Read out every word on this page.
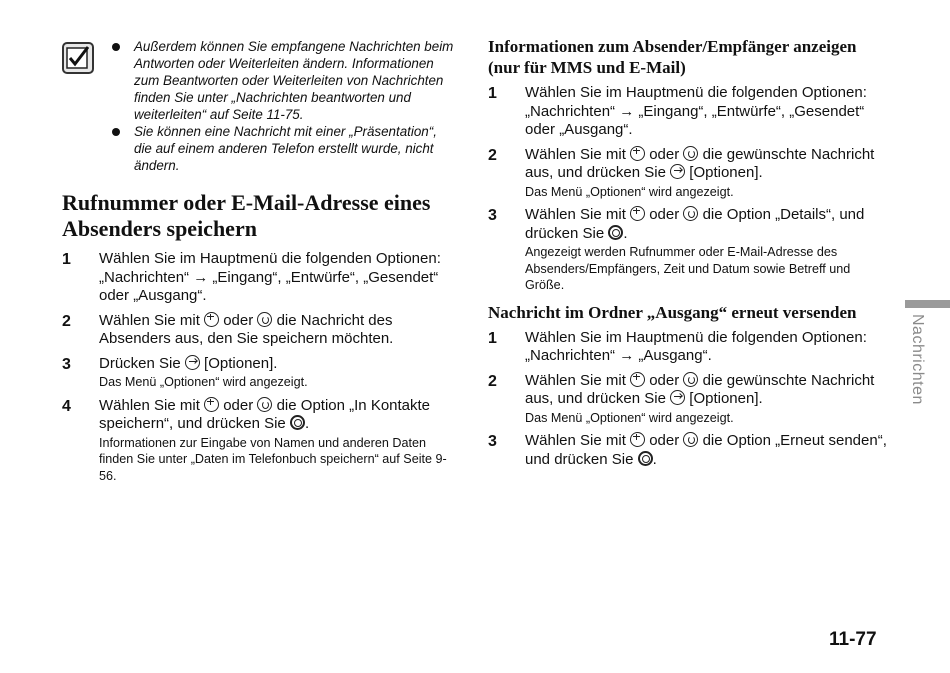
Außerdem können Sie empfangene Nachrichten beim Antworten oder Weiterleiten ändern. Informationen zum Beantworten oder Weiterleiten von Nachrichten finden Sie unter „Nachrichten beantworten und weiterleiten“ auf Seite 11-75.
Sie können eine Nachricht mit einer „Präsentation“, die auf einem anderen Telefon erstellt wurde, nicht ändern.
Rufnummer oder E-Mail-Adresse eines Absenders speichern
1 Wählen Sie im Hauptmenü die folgenden Optionen: „Nachrichten“ → „Eingang“, „Entwürfe“, „Gesendet“ oder „Ausgang“.
2 Wählen Sie mit oder die Nachricht des Absenders aus, den Sie speichern möchten.
3 Drücken Sie [Optionen].
Das Menü „Optionen“ wird angezeigt.
4 Wählen Sie mit oder die Option „In Kontakte speichern“, und drücken Sie .
Informationen zur Eingabe von Namen und anderen Daten finden Sie unter „Daten im Telefonbuch speichern“ auf Seite 9-56.
Informationen zum Absender/Empfänger anzeigen (nur für MMS und E-Mail)
1 Wählen Sie im Hauptmenü die folgenden Optionen: „Nachrichten“ → „Eingang“, „Entwürfe“, „Gesendet“ oder „Ausgang“.
2 Wählen Sie mit oder die gewünschte Nachricht aus, und drücken Sie [Optionen].
Das Menü „Optionen“ wird angezeigt.
3 Wählen Sie mit oder die Option „Details“, und drücken Sie .
Angezeigt werden Rufnummer oder E-Mail-Adresse des Absenders/Empfängers, Zeit und Datum sowie Betreff und Größe.
Nachricht im Ordner „Ausgang“ erneut versenden
1 Wählen Sie im Hauptmenü die folgenden Optionen: „Nachrichten“ → „Ausgang“.
2 Wählen Sie mit oder die gewünschte Nachricht aus, und drücken Sie [Optionen].
Das Menü „Optionen“ wird angezeigt.
3 Wählen Sie mit oder die Option „Erneut senden“, und drücken Sie .
Nachrichten
11-77
